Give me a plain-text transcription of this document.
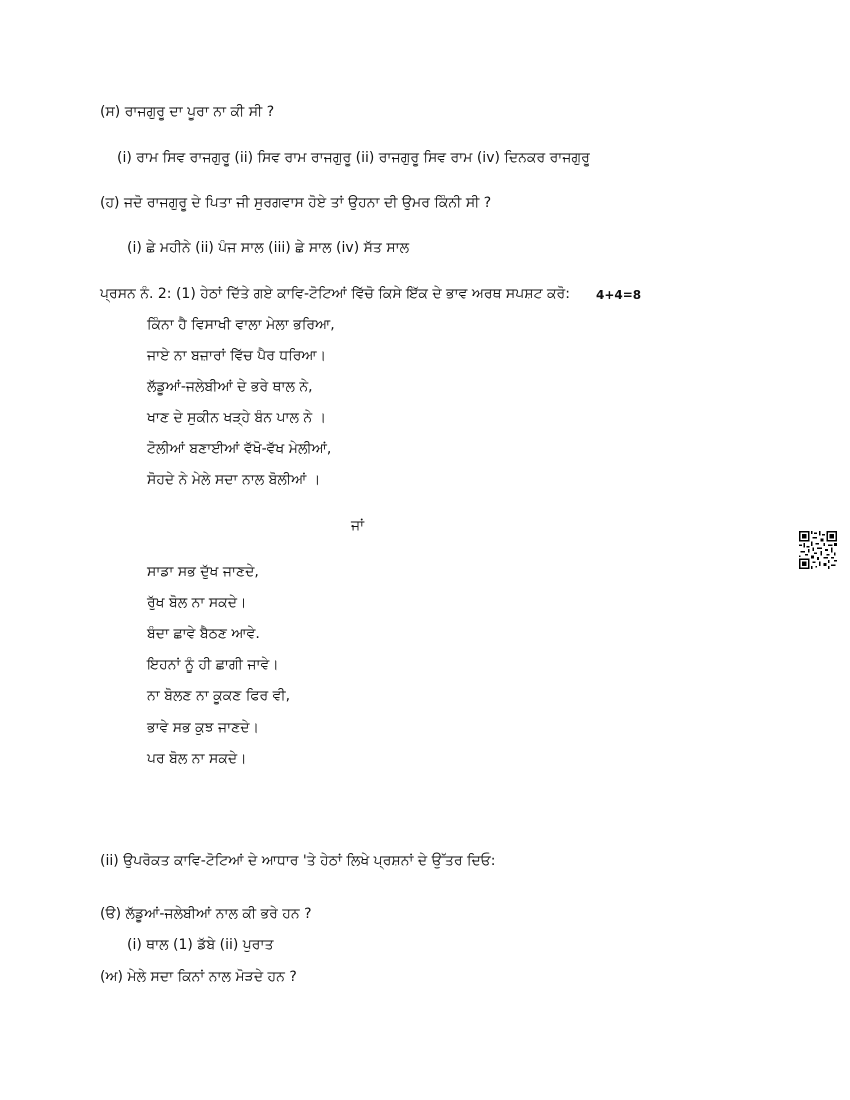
(ਸ) ਰਾਜਗੁਰੂ ਦਾ ਪੂਰਾ ਨਾ ਕੀ ਸੀ ?
(i) ਰਾਮ ਸਿਵ ਰਾਜਗੁਰੂ (ii) ਸਿਵ ਰਾਮ ਰਾਜਗੁਰੂ (ii) ਰਾਜਗੁਰੂ ਸਿਵ ਰਾਮ (iv) ਦਿਨਕਰ ਰਾਜਗੁਰੂ
(ਹ) ਜਦੋ ਰਾਜਗੁਰੂ ਦੇ ਪਿਤਾ ਜੀ ਸੁਰਗਵਾਸ ਹੋਏ ਤਾਂ ਉਹਨਾ ਦੀ ਉਮਰ ਕਿੰਨੀ ਸੀ ?
(i) ਛੇ ਮਹੀਨੇ (ii) ਪੰਜ ਸਾਲ (iii) ਛੇ ਸਾਲ (iv) ਸੱਤ ਸਾਲ
ਪ੍ਰਸਨ ਨੰ. 2: (1) ਹੇਠਾਂ ਦਿੱਤੇ ਗਏ ਕਾਵਿ-ਟੋਟਿਆਂ ਵਿੱਚੋ ਕਿਸੇ ਇੱਕ ਦੇ ਭਾਵ ਅਰਥ ਸਪਸ਼ਟ ਕਰੋ: 4+4=8
ਕਿੰਨਾ ਹੈ ਵਿਸਾਖੀ ਵਾਲਾ ਮੇਲਾ ਭਰਿਆ,
ਜਾਏ ਨਾ ਬਜ਼ਾਰਾਂ ਵਿੱਚ ਪੈਰ ਧਰਿਆ।
ਲੱਡੂਆਂ-ਜਲੇਬੀਆਂ ਦੇ ਭਰੇ ਥਾਲ ਨੇ,
ਖਾਣ ਦੇ ਸੁਕੀਨ ਖੜ੍ਹੇ ਬੰਨ ਪਾਲ ਨੇ ।
ਟੋਲੀਆਂ ਬਣਾਈਆਂ ਵੱਖੋ-ਵੱਖ ਮੇਲੀਆਂ,
ਸੋਹਦੇ ਨੇ ਮੇਲੇ ਸਦਾ ਨਾਲ ਬੋਲੀਆਂ ।
ਜਾਂ
ਸਾਡਾ ਸਭ ਦੁੱਖ ਜਾਣਦੇ,
ਰੁੱਖ ਬੋਲ ਨਾ ਸਕਦੇ।
ਬੰਦਾ ਛਾਵੇ ਬੈਠਣ ਆਵੇ.
ਇਹਨਾਂ ਨੂੰ ਹੀ ਛਾਗੀ ਜਾਵੇ।
ਨਾ ਬੋਲਣ ਨਾ ਕੂਕਣ ਫਿਰ ਵੀ,
ਭਾਵੇ ਸਭ ਕੁਝ ਜਾਣਦੇ।
ਪਰ ਬੋਲ ਨਾ ਸਕਦੇ।
(ii) ਉਪਰੋਕਤ ਕਾਵਿ-ਟੋਟਿਆਂ ਦੇ ਆਧਾਰ 'ਤੇ ਹੇਠਾਂ ਲਿਖੇ ਪ੍ਰਸ਼ਨਾਂ ਦੇ ਉੱਤਰ ਦਿਓ:
(ੳ) ਲੱਡੂਆਂ-ਜਲੇਬੀਆਂ ਨਾਲ ਕੀ ਭਰੇ ਹਨ ?
(i) ਥਾਲ (1) ਡੱਬੇ (ii) ਪੁਰਾਤ
(ਅ) ਮੇਲੇ ਸਦਾ ਕਿਨਾਂ ਨਾਲ ਮੋੜਦੇ ਹਨ ?
